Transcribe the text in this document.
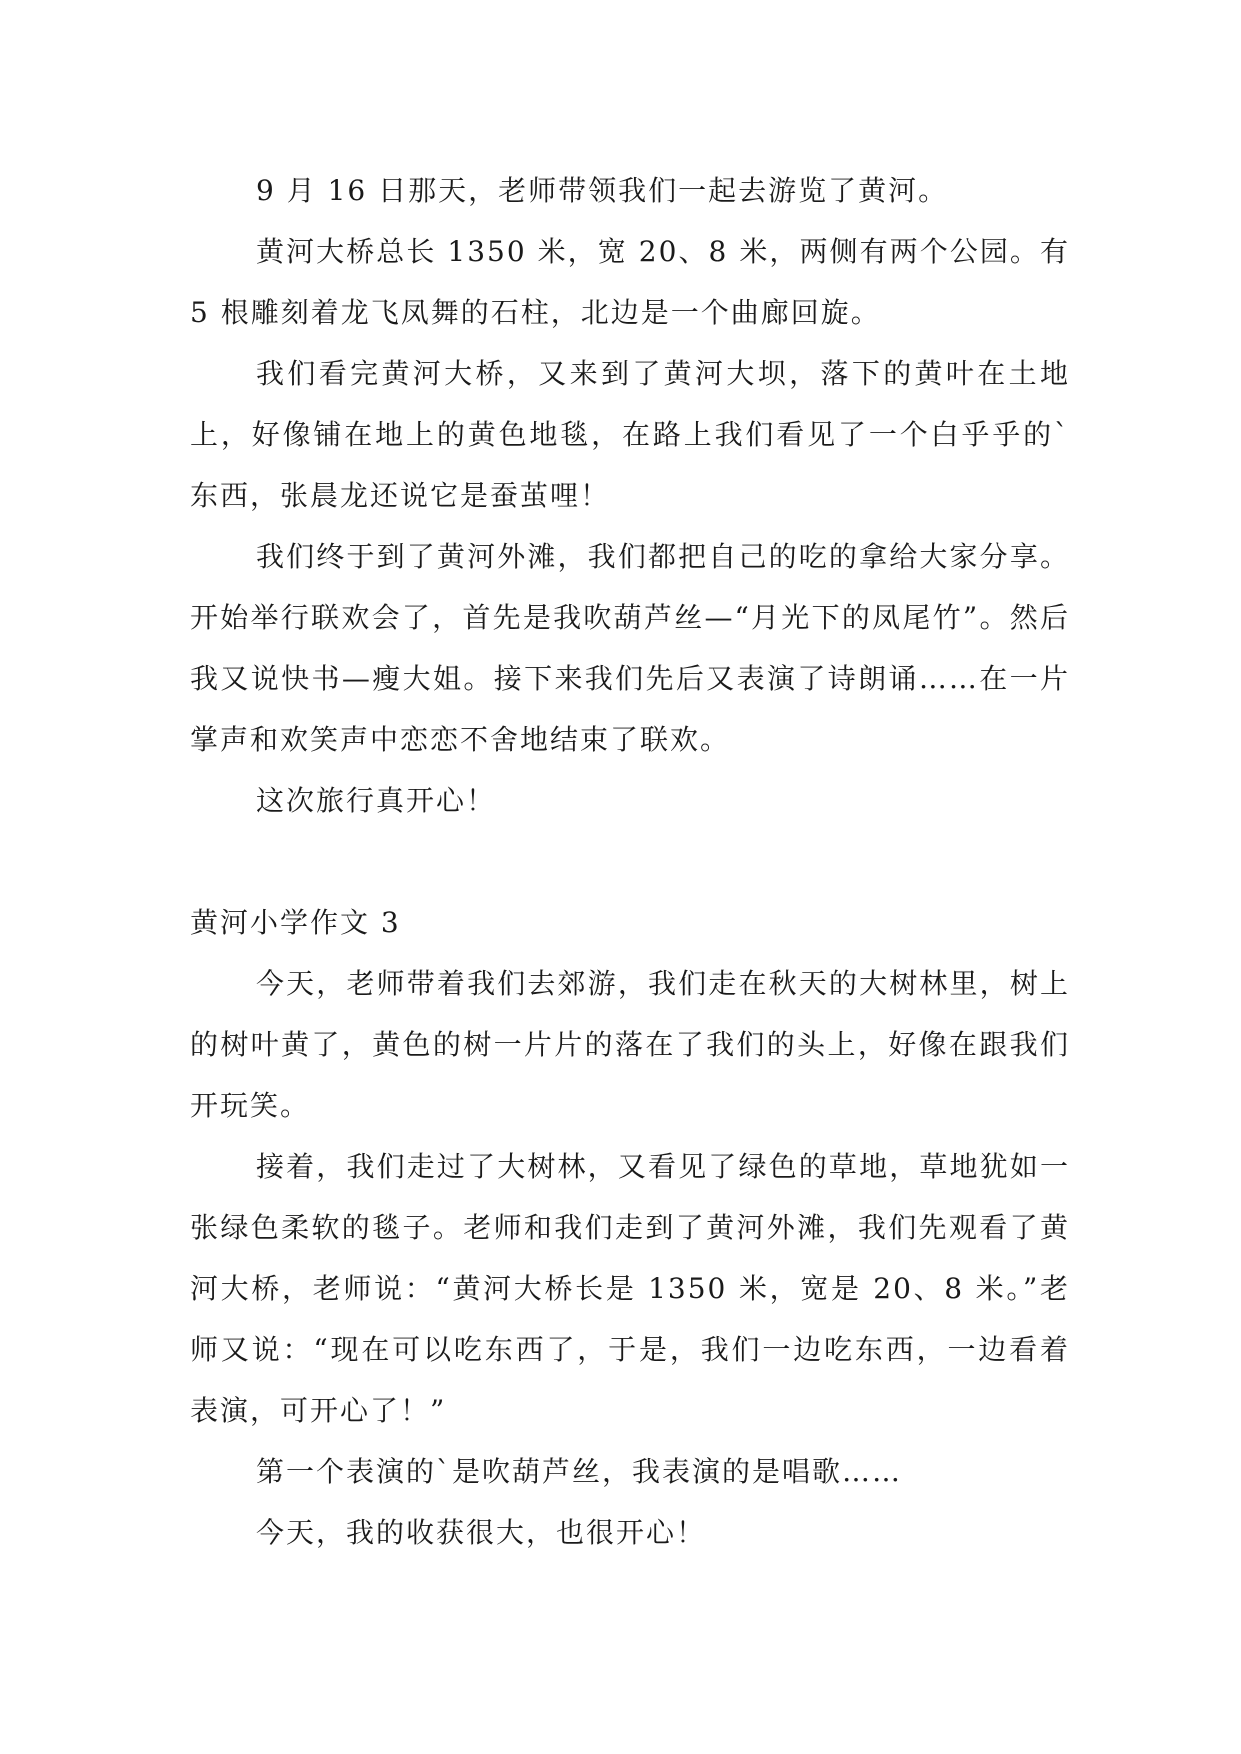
9 月 16 日那天，老师带领我们一起去游览了黄河。

黄河大桥总长 1350 米，宽 20、8 米，两侧有两个公园。有 5 根雕刻着龙飞凤舞的石柱，北边是一个曲廊回旋。

我们看完黄河大桥，又来到了黄河大坝，落下的黄叶在土地上，好像铺在地上的黄色地毯，在路上我们看见了一个白乎乎的`东西，张晨龙还说它是蚕茧哩！

我们终于到了黄河外滩，我们都把自己的吃的拿给大家分享。开始举行联欢会了，首先是我吹葫芦丝—“月光下的凤尾竹”。然后我又说快书—瘦大姐。接下来我们先后又表演了诗朗诵……在一片掌声和欢笑声中恋恋不舍地结束了联欢。

这次旅行真开心！

黄河小学作文 3

今天，老师带着我们去郊游，我们走在秋天的大树林里，树上的树叶黄了，黄色的树一片片的落在了我们的头上，好像在跟我们开玩笑。

接着，我们走过了大树林，又看见了绿色的草地，草地犹如一张绿色柔软的毯子。老师和我们走到了黄河外滩，我们先观看了黄河大桥，老师说：“黄河大桥长是 1350 米，宽是 20、8 米。”老师又说：“现在可以吃东西了，于是，我们一边吃东西，一边看着表演，可开心了！”

第一个表演的`是吹葫芦丝，我表演的是唱歌……

今天，我的收获很大，也很开心！
